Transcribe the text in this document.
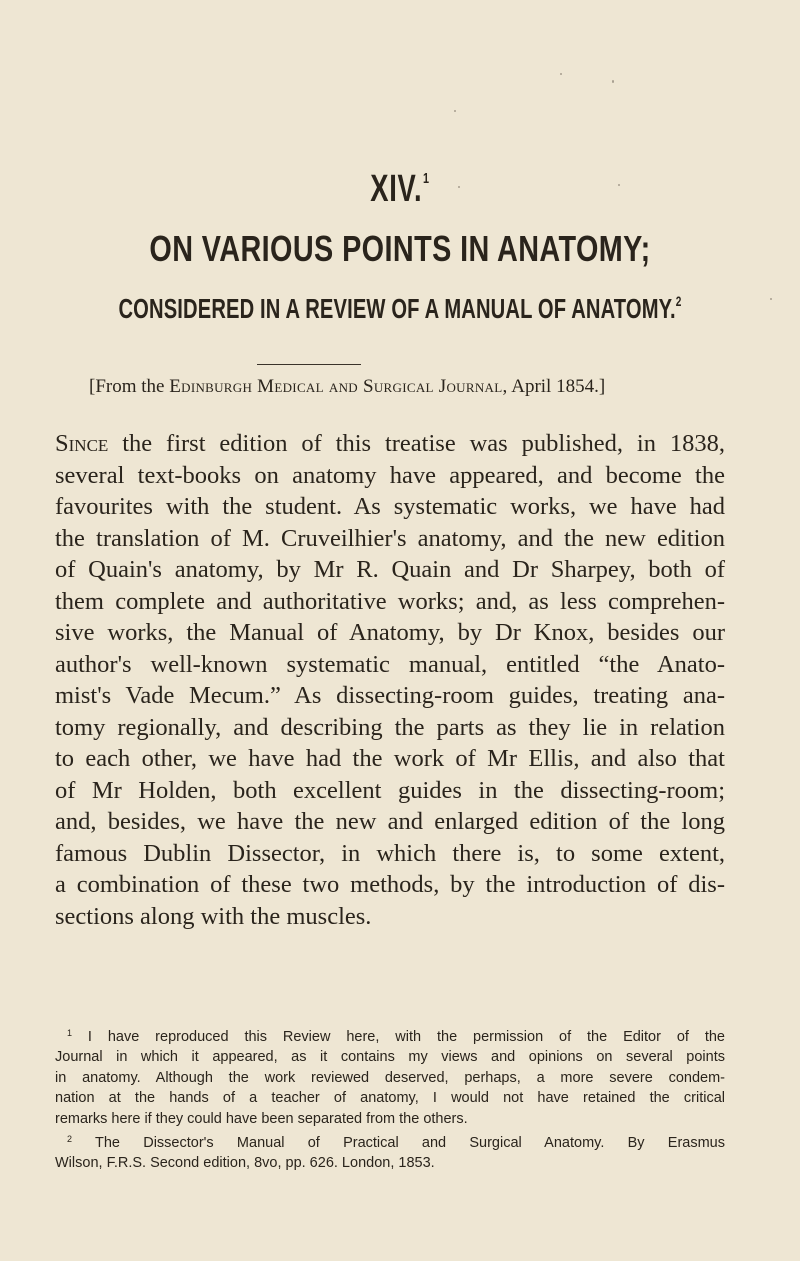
XIV.$^1$
ON VARIOUS POINTS IN ANATOMY;
CONSIDERED IN A REVIEW OF A MANUAL OF ANATOMY.$^2$
[From the Edinburgh Medical and Surgical Journal, April 1854.]

Since the first edition of this treatise was published, in 1838,
several text-books on anatomy have appeared, and become the
favourites with the student. As systematic works, we have had
the translation of M. Cruveilhier's anatomy, and the new edition
of Quain's anatomy, by Mr R. Quain and Dr Sharpey, both of
them complete and authoritative works; and, as less comprehen-
sive works, the Manual of Anatomy, by Dr Knox, besides our
author's well-known systematic manual, entitled “the Anato-
mist's Vade Mecum.” As dissecting-room guides, treating ana-
tomy regionally, and describing the parts as they lie in relation
to each other, we have had the work of Mr Ellis, and also that
of Mr Holden, both excellent guides in the dissecting-room;
and, besides, we have the new and enlarged edition of the long
famous Dublin Dissector, in which there is, to some extent,
a combination of these two methods, by the introduction of dis-
sections along with the muscles.

$^1$ I have reproduced this Review here, with the permission of the Editor of the
Journal in which it appeared, as it contains my views and opinions on several points
in anatomy. Although the work reviewed deserved, perhaps, a more severe condem-
nation at the hands of a teacher of anatomy, I would not have retained the critical
remarks here if they could have been separated from the others.
$^2$ The Dissector's Manual of Practical and Surgical Anatomy. By Erasmus
Wilson, F.R.S. Second edition, 8vo, pp. 626. London, 1853.
